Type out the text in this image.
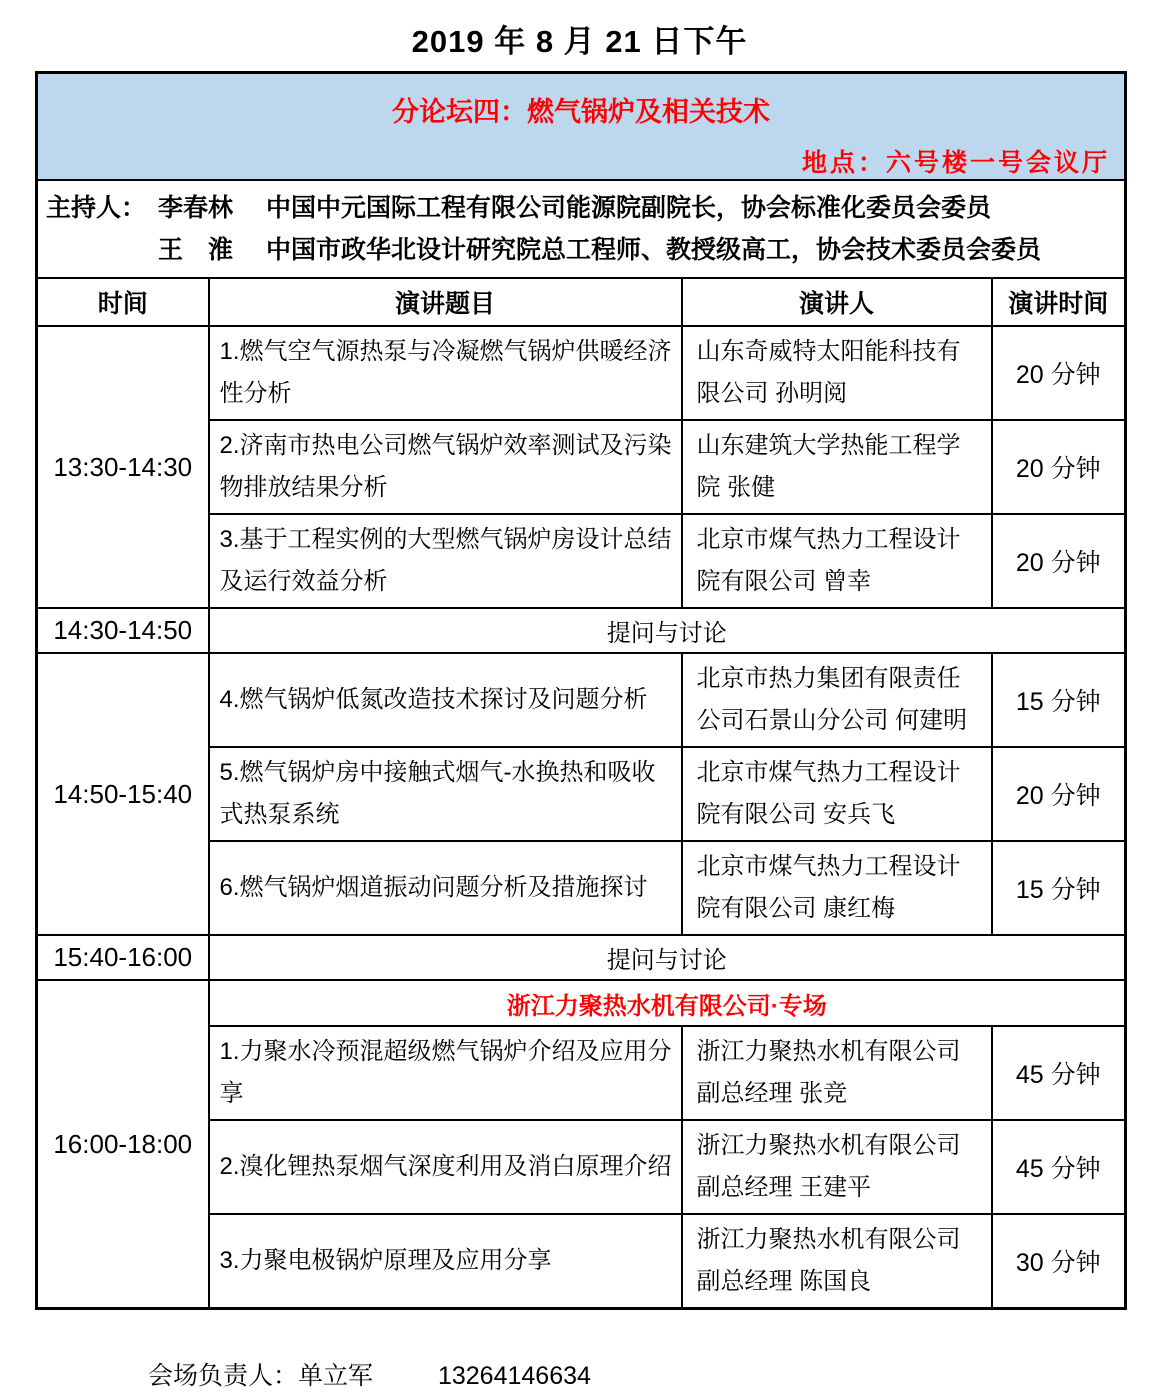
2019 年 8 月 21 日下午
分论坛四：燃气锅炉及相关技术
地点：六号楼一号会议厅			

主持人： 李春林 中国中元国际工程有限公司能源院副院长，协会标准化委员会委员
王　淮 中国市政华北设计研究院总工程师、教授级高工，协会技术委员会委员			

时间	演讲题目	演讲人	演讲时间
13:30-14:30	1.燃气空气源热泵与冷凝燃气锅炉供暖经济性分析	山东奇威特太阳能科技有限公司 孙明阅	20 分钟
	2.济南市热电公司燃气锅炉效率测试及污染物排放结果分析	山东建筑大学热能工程学院 张健	20 分钟
	3.基于工程实例的大型燃气锅炉房设计总结及运行效益分析	北京市煤气热力工程设计院有限公司 曾幸	20 分钟
14:30-14:50	提问与讨论		
14:50-15:40	4.燃气锅炉低氮改造技术探讨及问题分析	北京市热力集团有限责任公司石景山分公司 何建明	15 分钟
	5.燃气锅炉房中接触式烟气-水换热和吸收式热泵系统	北京市煤气热力工程设计院有限公司 安兵飞	20 分钟
	6.燃气锅炉烟道振动问题分析及措施探讨	北京市煤气热力工程设计院有限公司 康红梅	15 分钟
15:40-16:00	提问与讨论		
16:00-18:00	浙江力聚热水机有限公司·专场		
	1.力聚水冷预混超级燃气锅炉介绍及应用分享	浙江力聚热水机有限公司 副总经理 张竞	45 分钟
	2.溴化锂热泵烟气深度利用及消白原理介绍	浙江力聚热水机有限公司 副总经理 王建平	45 分钟
	3.力聚电极锅炉原理及应用分享	浙江力聚热水机有限公司 副总经理 陈国良	30 分钟
会场负责人：单立军	13264146634
